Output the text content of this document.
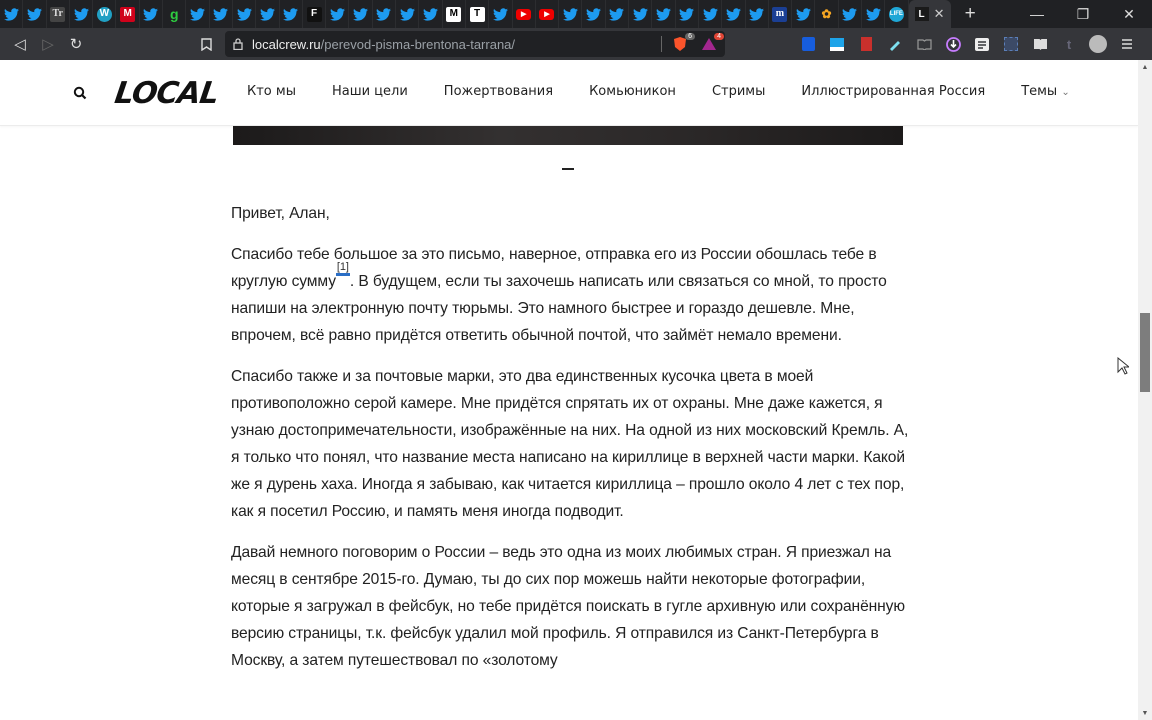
Tr	W	M	g	F	M	T	▶	▶	m	✿	LIFE	L ✕ +	—	❐	✕
◁	▷	↻	localcrew.ru /perevod-pisma-brentona-tarrana/	6	4	t
LOCAL Кто мы	Наши цели	Пожертвования	Комьюникон	Стримы	Иллюстрированная Россия	Темы ⌄

Привет, Алан,

Спасибо тебе большое за это письмо, наверное, отправка его из России обошлась тебе в круглую сумму[1]. В будущем, если ты захочешь написать или связаться со мной, то просто напиши на электронную почту тюрьмы. Это намного быстрее и гораздо дешевле. Мне, впрочем, всё равно придётся ответить обычной почтой, что займёт немало времени.

Спасибо также и за почтовые марки, это два единственных кусочка цвета в моей противоположно серой камере. Мне придётся спрятать их от охраны. Мне даже кажется, я узнаю достопримечательности, изображённые на них. На одной из них московский Кремль. А, я только что понял, что название места написано на кириллице в верхней части марки. Какой же я дурень хаха. Иногда я забываю, как читается кириллица – прошло около 4 лет с тех пор, как я посетил Россию, и память меня иногда подводит.

Давай немного поговорим о России – ведь это одна из моих любимых стран. Я приезжал на месяц в сентябре 2015-го. Думаю, ты до сих пор можешь найти некоторые фотографии, которые я загружал в фейсбук, но тебе придётся поискать в гугле архивную или сохранённую версию страницы, т.к. фейсбук удалил мой профиль. Я отправился из Санкт-Петербурга в Москву, а затем путешествовал по «золотому

▲
▼
